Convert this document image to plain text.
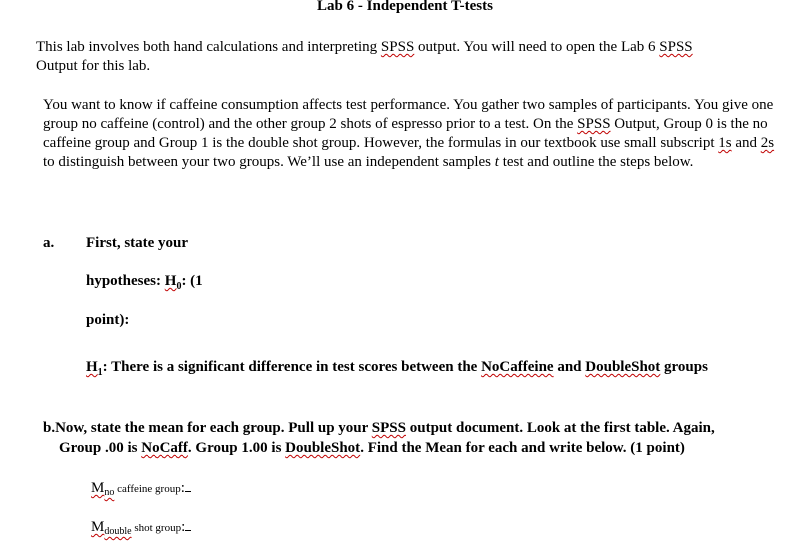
Lab 6 - Independent T-tests
This lab involves both hand calculations and interpreting SPSS output. You will need to open the Lab 6 SPSS
Output for this lab.
You want to know if caffeine consumption affects test performance. You gather two samples of participants. You give one group no caffeine (control) and the other group 2 shots of espresso prior to a test. On the SPSS Output, Group 0 is the no caffeine group and Group 1 is the double shot group. However, the formulas in our textbook use small subscript 1s and 2s to distinguish between your two groups. We’ll use an independent samples t test and outline the steps below.
a. First, state your
hypotheses: $H_0$: (1
point):
$H_1$: There is a significant difference in test scores between the NoCaffeine and DoubleShot groups
b.Now, state the mean for each group. Pull up your SPSS output document. Look at the first table. Again,
Group .00 is NoCaff. Group 1.00 is DoubleShot. Find the Mean for each and write below. (1 point)
$M_{no}$ caffeine group:
$M_{double}$ shot group:
